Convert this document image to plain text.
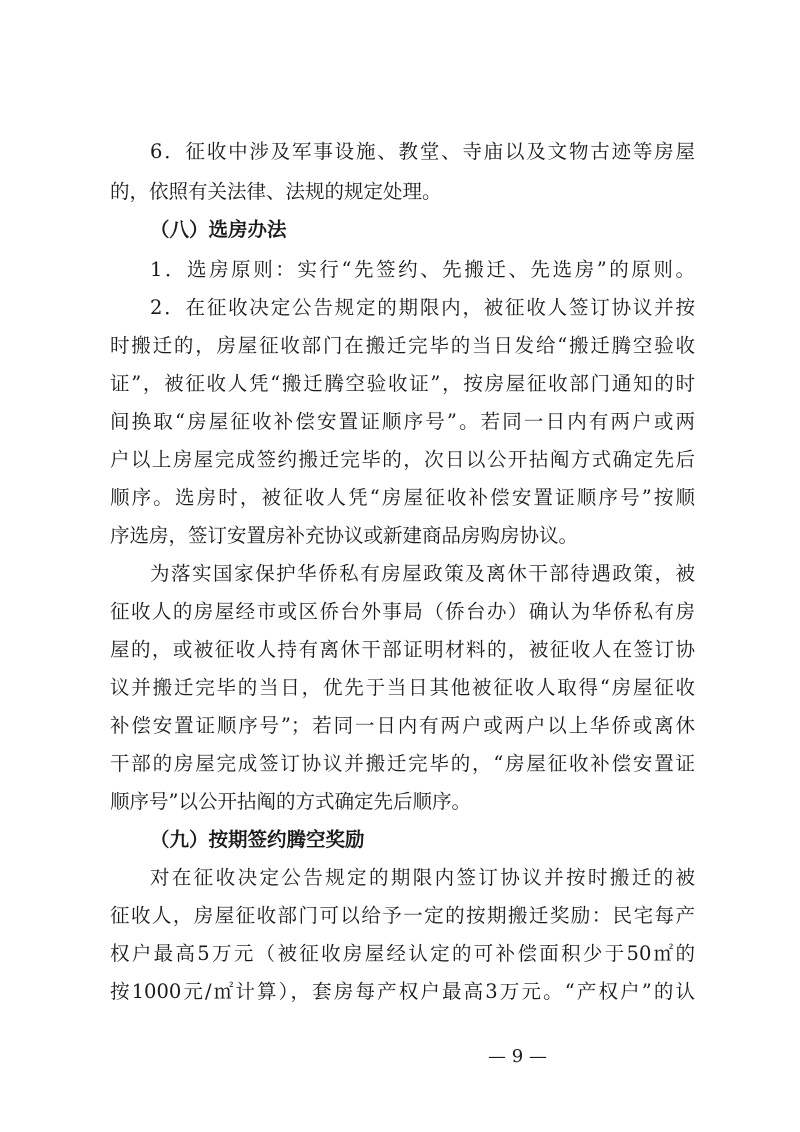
6．征收中涉及军事设施、教堂、寺庙以及文物古迹等房屋
的，依照有关法律、法规的规定处理。
（八）选房办法
1．选房原则：实行“先签约、先搬迁、先选房”的原则。
2．在征收决定公告规定的期限内，被征收人签订协议并按
时搬迁的，房屋征收部门在搬迁完毕的当日发给“搬迁腾空验收
证”，被征收人凭“搬迁腾空验收证”，按房屋征收部门通知的时
间换取“房屋征收补偿安置证顺序号”。若同一日内有两户或两
户以上房屋完成签约搬迁完毕的，次日以公开拈阄方式确定先后
顺序。选房时，被征收人凭“房屋征收补偿安置证顺序号”按顺
序选房，签订安置房补充协议或新建商品房购房协议。
为落实国家保护华侨私有房屋政策及离休干部待遇政策，被
征收人的房屋经市或区侨台外事局（侨台办）确认为华侨私有房
屋的，或被征收人持有离休干部证明材料的，被征收人在签订协
议并搬迁完毕的当日，优先于当日其他被征收人取得“房屋征收
补偿安置证顺序号”；若同一日内有两户或两户以上华侨或离休
干部的房屋完成签订协议并搬迁完毕的，“房屋征收补偿安置证
顺序号”以公开拈阄的方式确定先后顺序。
（九）按期签约腾空奖励
对在征收决定公告规定的期限内签订协议并按时搬迁的被
征收人，房屋征收部门可以给予一定的按期搬迁奖励：民宅每产
权户最高5万元（被征收房屋经认定的可补偿面积少于50㎡的
按1000元/㎡计算），套房每产权户最高3万元。“产权户”的认
— 9 —
